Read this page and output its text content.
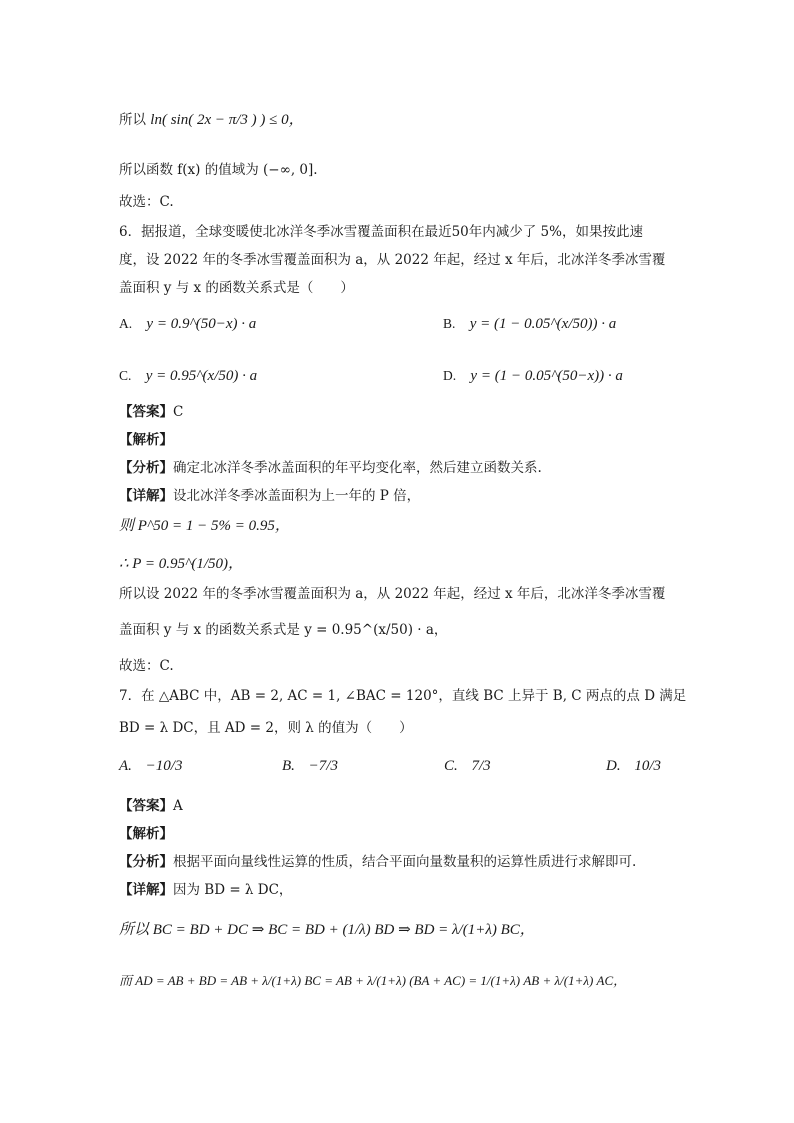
所以 ln( sin( 2x − π/3 ) ) ≤ 0，
所以函数 f(x) 的值域为 (−∞, 0].
故选：C.
6．据报道，全球变暖使北冰洋冬季冰雪覆盖面积在最近50年内减少了 5%，如果按此速
度，设 2022 年的冬季冰雪覆盖面积为 a，从 2022 年起，经过 x 年后，北冰洋冬季冰雪覆
盖面积 y 与 x 的函数关系式是（　　）
A. y = 0.9^(50−x) · a	B. y = (1 − 0.05^(x/50)) · a
C. y = 0.95^(x/50) · a	D. y = (1 − 0.05^(50−x)) · a
【答案】C
【解析】
【分析】确定北冰洋冬季冰盖面积的年平均变化率，然后建立函数关系.
【详解】设北冰洋冬季冰盖面积为上一年的 P 倍，
则 P^50 = 1 − 5% = 0.95，
∴ P = 0.95^(1/50)，
所以设 2022 年的冬季冰雪覆盖面积为 a，从 2022 年起，经过 x 年后，北冰洋冬季冰雪覆
盖面积 y 与 x 的函数关系式是 y = 0.95^(x/50) · a，
故选：C.
7．在 △ABC 中，AB = 2, AC = 1, ∠BAC = 120°，直线 BC 上异于 B, C 两点的点 D 满足
BD = λ DC，且 AD = 2，则 λ 的值为（　　）
A. −10/3	B. −7/3	C. 7/3	D. 10/3
【答案】A
【解析】
【分析】根据平面向量线性运算的性质，结合平面向量数量积的运算性质进行求解即可.
【详解】因为 BD = λ DC，
所以 BC = BD + DC ⇒ BC = BD + (1/λ) BD ⇒ BD = λ/(1+λ) BC，
而 AD = AB + BD = AB + λ/(1+λ) BC = AB + λ/(1+λ) (BA + AC) = 1/(1+λ) AB + λ/(1+λ) AC，
